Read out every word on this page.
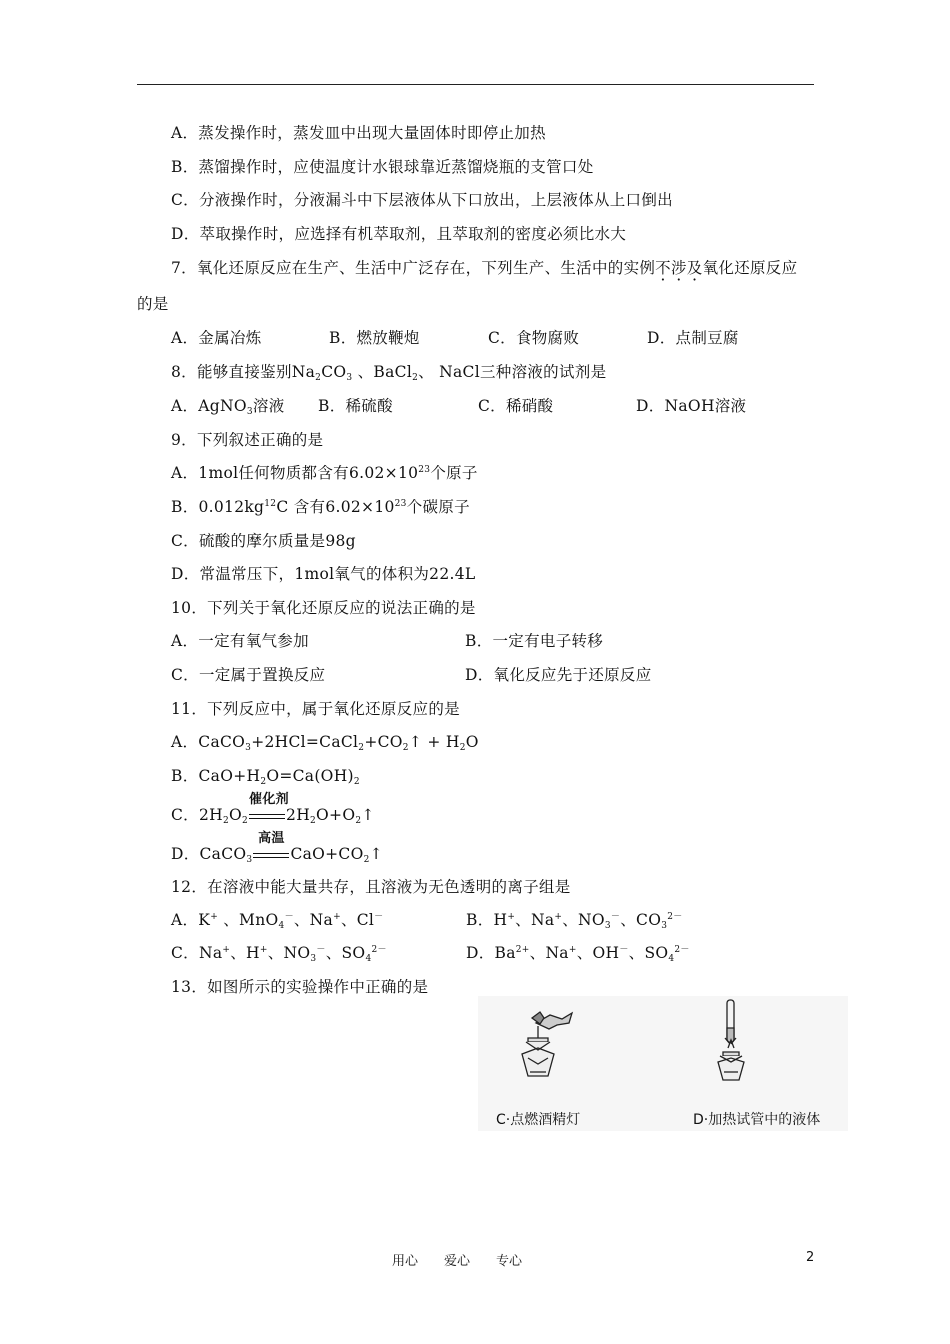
A．蒸发操作时，蒸发皿中出现大量固体时即停止加热
B．蒸馏操作时，应使温度计水银球靠近蒸馏烧瓶的支管口处
C．分液操作时，分液漏斗中下层液体从下口放出，上层液体从上口倒出
D．萃取操作时，应选择有机萃取剂，且萃取剂的密度必须比水大
7．氧化还原反应在生产、生活中广泛存在，下列生产、生活中的实例不涉及氧化还原反应
的是
A．金属冶炼	B．燃放鞭炮	C．食物腐败	D．点制豆腐
8．能够直接鉴别$Na_2CO_3$ 、BaCl$_2$、 NaCl三种溶液的试剂是
A．AgNO$_3$溶液 B．稀硫酸	C．稀硝酸	D．NaOH溶液
9．下列叙述正确的是
A．1mol任何物质都含有$6.02\times 10^{23}$个原子
B．$0.012kg^{12}C$ 含有$6.02\times 10^{23}$个碳原子
C．硫酸的摩尔质量是98g
D．常温常压下，1mol氧气的体积为22.4L
10．下列关于氧化还原反应的说法正确的是
A．一定有氧气参加	B．一定有电子转移
C．一定属于置换反应	D．氧化反应先于还原反应
11．下列反应中，属于氧化还原反应的是
A．$CaCO_3+2HCl=CaCl_2+CO_2↑ + H_2O$
B．$CaO+H_2O=Ca(OH)_2$
C．$2H_2O_2$
催化剂
$2H_2O+O_2↑$
D．CaCO$_3$
高温
$CaO+CO_2↑$
12．在溶液中能大量共存，且溶液为无色透明的离子组是
A．K+ 、MnO$_4$－、Na+、Cl－	B．H+、Na+、$NO_3^-$、$CO_3^{2-}$
C．Na+、H+、$NO_3^-$、$SO_4^{2-}$	D．$Ba^{2+}$、Na+、OH－、$SO_4^{2-}$
13．如图所示的实验操作中正确的是
C·点燃酒精灯	D·加热试管中的液体
用心　　爱心　　专心	2
